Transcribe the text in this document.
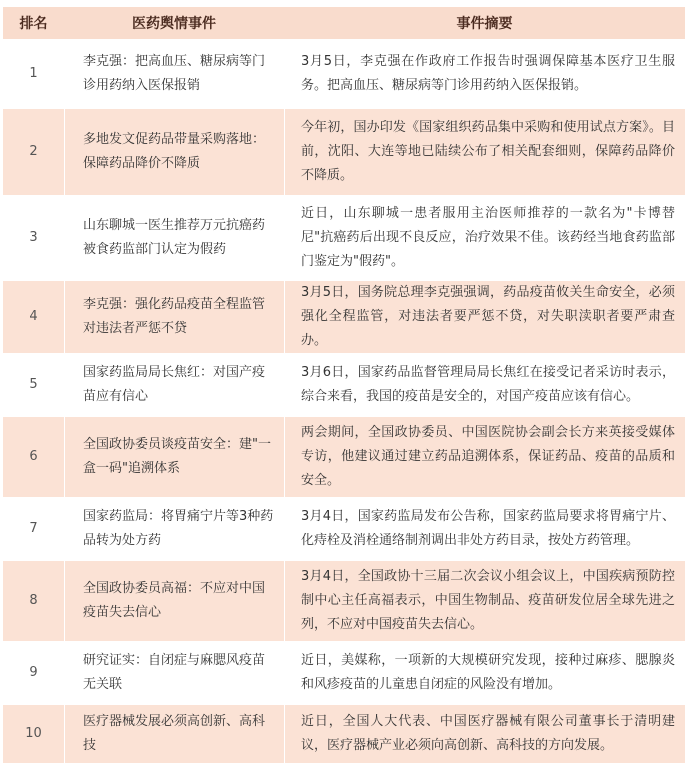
排名	医药舆情事件	事件摘要
1	李克强：把高血压、糖尿病等门诊用药纳入医保报销	3月5日，李克强在作政府工作报告时强调保障基本医疗卫生服务。把高血压、糖尿病等门诊用药纳入医保报销。
2	多地发文促药品带量采购落地：保障药品降价不降质	今年初，国办印发《国家组织药品集中采购和使用试点方案》。目前，沈阳、大连等地已陆续公布了相关配套细则，保障药品降价不降质。
3	山东聊城一医生推荐万元抗癌药 被食药监部门认定为假药	近日，山东聊城一患者服用主治医师推荐的一款名为"卡博替尼"抗癌药后出现不良反应，治疗效果不佳。该药经当地食药监部门鉴定为"假药"。
4	李克强：强化药品疫苗全程监管 对违法者严惩不贷	3月5日，国务院总理李克强强调，药品疫苗攸关生命安全，必须强化全程监管，对违法者要严惩不贷，对失职渎职者要严肃查办。
5	国家药监局局长焦红：对国产疫苗应有信心	3月6日，国家药品监督管理局局长焦红在接受记者采访时表示，综合来看，我国的疫苗是安全的，对国产疫苗应该有信心。
6	全国政协委员谈疫苗安全：建"一盒一码"追溯体系	两会期间，全国政协委员、中国医院协会副会长方来英接受媒体专访，他建议通过建立药品追溯体系，保证药品、疫苗的品质和安全。
7	国家药监局：将胃痛宁片等3种药品转为处方药	3月4日，国家药监局发布公告称，国家药监局要求将胃痛宁片、化痔栓及消栓通络制剂调出非处方药目录，按处方药管理。
8	全国政协委员高福：不应对中国疫苗失去信心	3月4日，全国政协十三届二次会议小组会议上，中国疾病预防控制中心主任高福表示，中国生物制品、疫苗研发位居全球先进之列，不应对中国疫苗失去信心。
9	研究证实：自闭症与麻腮风疫苗无关联	近日，美媒称，一项新的大规模研究发现，接种过麻疹、腮腺炎和风疹疫苗的儿童患自闭症的风险没有增加。
10	医疗器械发展必须高创新、高科技	近日，全国人大代表、中国医疗器械有限公司董事长于清明建议，医疗器械产业必须向高创新、高科技的方向发展。
